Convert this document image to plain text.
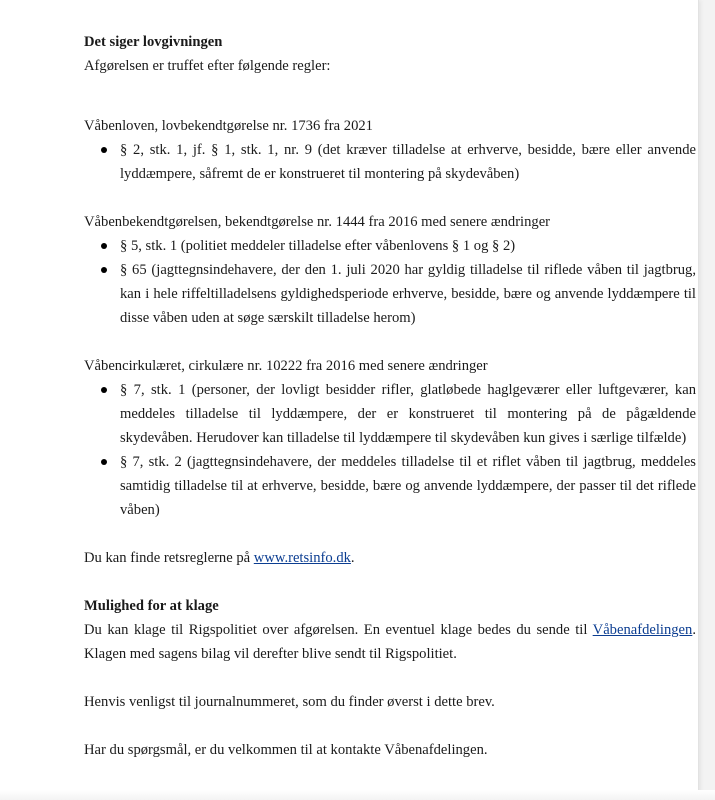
Det siger lovgivningen

Afgørelsen er truffet efter følgende regler:

Våbenloven, lovbekendtgørelse nr. 1736 fra 2021

§ 2, stk. 1, jf. § 1, stk. 1, nr. 9 (det kræver tilladelse at erhverve, besidde, bære eller anvende lyddæmpere, såfremt de er konstrueret til montering på skydevåben)

Våbenbekendtgørelsen, bekendtgørelse nr. 1444 fra 2016 med senere ændringer

§ 5, stk. 1 (politiet meddeler tilladelse efter våbenlovens § 1 og § 2)
§ 65 (jagttegnsindehavere, der den 1. juli 2020 har gyldig tilladelse til riflede våben til jagtbrug, kan i hele riffeltilladelsens gyldighedsperiode erhverve, besidde, bære og anvende lyddæmpere til disse våben uden at søge særskilt tilladelse herom)

Våbencirkulæret, cirkulære nr. 10222 fra 2016 med senere ændringer

§ 7, stk. 1 (personer, der lovligt besidder rifler, glatløbede haglgeværer eller luftgeværer, kan meddeles tilladelse til lyddæmpere, der er konstrueret til montering på de pågældende skydevåben. Herudover kan tilladelse til lyddæmpere til skydevåben kun gives i særlige tilfælde)
§ 7, stk. 2 (jagttegnsindehavere, der meddeles tilladelse til et riflet våben til jagtbrug, meddeles samtidig tilladelse til at erhverve, besidde, bære og anvende lyddæmpere, der passer til det riflede våben)

Du kan finde retsreglerne på www.retsinfo.dk.

Mulighed for at klage

Du kan klage til Rigspolitiet over afgørelsen. En eventuel klage bedes du sende til Våbenafdelingen. Klagen med sagens bilag vil derefter blive sendt til Rigspolitiet.

Henvis venligst til journalnummeret, som du finder øverst i dette brev.

Har du spørgsmål, er du velkommen til at kontakte Våbenafdelingen.
